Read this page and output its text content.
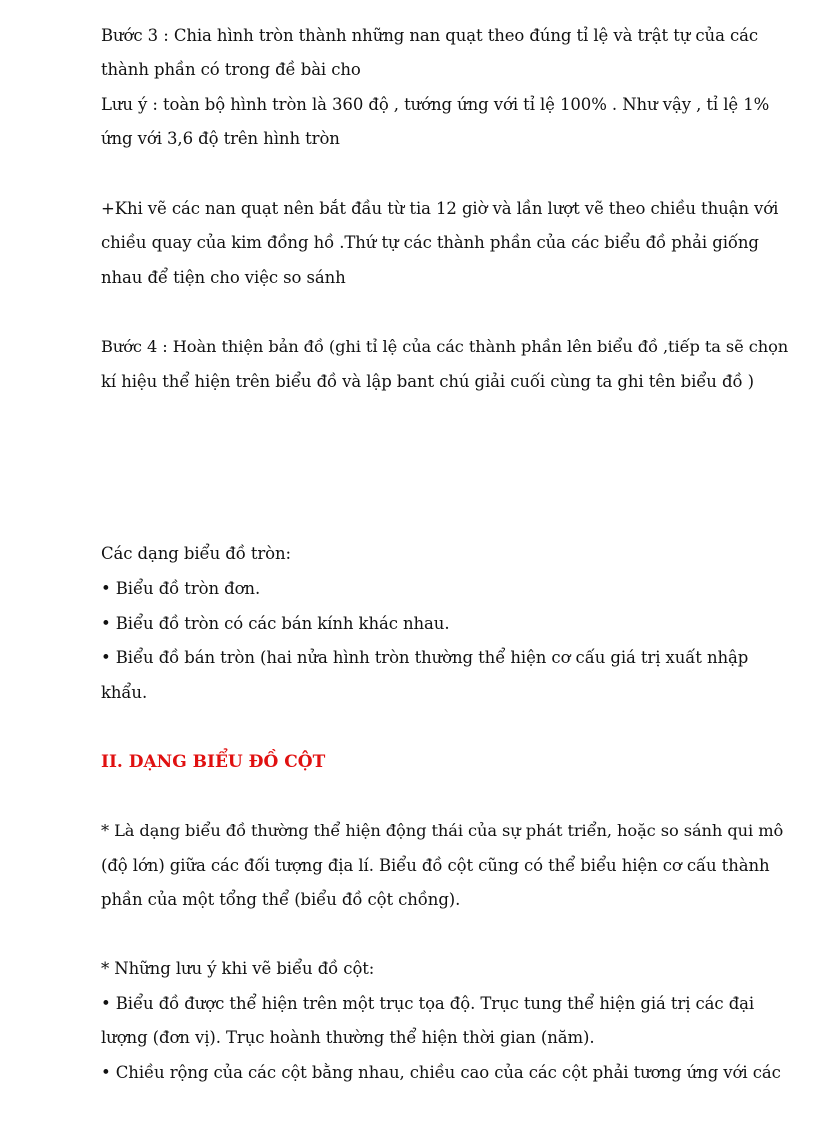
Bước 3 : Chia hình tròn thành những nan quạt theo đúng tỉ lệ và trật tự của các
thành phần có trong đề bài cho
Lưu ý : toàn bộ hình tròn là 360 độ , tướng ứng với tỉ lệ 100% . Như vậy , tỉ lệ 1%
ứng với 3,6 độ trên hình tròn
+Khi vẽ các nan quạt nên bắt đầu từ tia 12 giờ và lần lượt vẽ theo chiều thuận với
chiều quay của kim đồng hồ .Thứ tự các thành phần của các biểu đồ phải giống
nhau để tiện cho việc so sánh
Bước 4 : Hoàn thiện bản đồ (ghi tỉ lệ của các thành phần lên biểu đồ ,tiếp ta sẽ chọn
kí hiệu thể hiện trên biểu đồ và lập bant chú giải cuối cùng ta ghi tên biểu đồ )
Các dạng biểu đồ tròn:
• Biểu đồ tròn đơn.
• Biểu đồ tròn có các bán kính khác nhau.
• Biểu đồ bán tròn (hai nửa hình tròn thường thể hiện cơ cấu giá trị xuất nhập
khẩu.
II. DẠNG BIỂU ĐỒ CỘT
* Là dạng biểu đồ thường thể hiện động thái của sự phát triển, hoặc so sánh qui mô
(độ lớn) giữa các đối tượng địa lí. Biểu đồ cột cũng có thể biểu hiện cơ cấu thành
phần của một tổng thể (biểu đồ cột chồng).
* Những lưu ý khi vẽ biểu đồ cột:
• Biểu đồ được thể hiện trên một trục tọa độ. Trục tung thể hiện giá trị các đại
lượng (đơn vị). Trục hoành thường thể hiện thời gian (năm).
• Chiều rộng của các cột bằng nhau, chiều cao của các cột phải tương ứng với các
